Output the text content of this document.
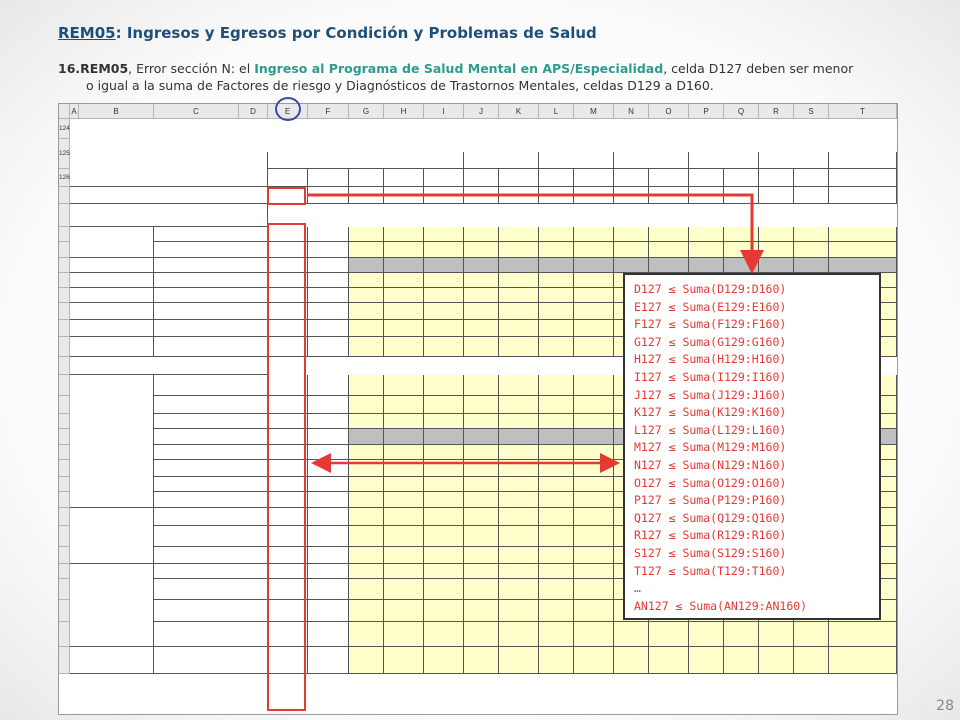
REM05: Ingresos y Egresos por Condición y Problemas de Salud
16.REM05, Error sección N: el Ingreso al Programa de Salud Mental en APS/Especialidad, celda D127 deben ser menor
o igual a la suma de Factores de riesgo y Diagnósticos de Trastornos Mentales, celdas D129 a D160.
A	B	C	D	E	F	G	H	I	J	K	L	M	N	O	P	Q	R	S	T
124
125
126
D127 ≤ Suma(D129:D160)
E127 ≤ Suma(E129:E160)
F127 ≤ Suma(F129:F160)
G127 ≤ Suma(G129:G160)
H127 ≤ Suma(H129:H160)
I127 ≤ Suma(I129:I160)
J127 ≤ Suma(J129:J160)
K127 ≤ Suma(K129:K160)
L127 ≤ Suma(L129:L160)
M127 ≤ Suma(M129:M160)
N127 ≤ Suma(N129:N160)
O127 ≤ Suma(O129:O160)
P127 ≤ Suma(P129:P160)
Q127 ≤ Suma(Q129:Q160)
R127 ≤ Suma(R129:R160)
S127 ≤ Suma(S129:S160)
T127 ≤ Suma(T129:T160)
…
AN127 ≤ Suma(AN129:AN160)
28
